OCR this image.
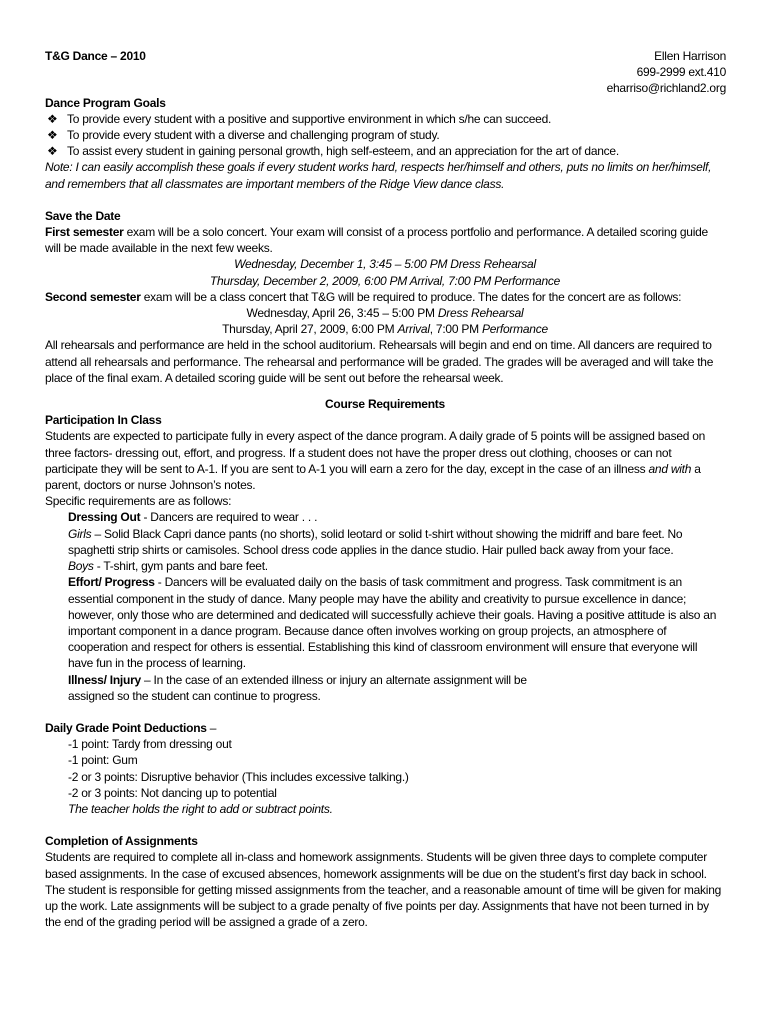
T&G Dance – 2010	Ellen Harrison
699-2999 ext.410
eharriso@richland2.org
Dance Program Goals
❖ To provide every student with a positive and supportive environment in which s/he can succeed.
❖ To provide every student with a diverse and challenging program of study.
❖ To assist every student in gaining personal growth, high self-esteem, and an appreciation for the art of dance.

Note: I can easily accomplish these goals if every student works hard, respects her/himself and others, puts no limits on her/himself, and remembers that all classmates are important members of the Ridge View dance class.

Save the Date

First semester exam will be a solo concert. Your exam will consist of a process portfolio and performance. A detailed scoring guide will be made available in the next few weeks.

Wednesday, December 1, 3:45 – 5:00 PM Dress Rehearsal
Thursday, December 2, 2009, 6:00 PM Arrival, 7:00 PM Performance

Second semester exam will be a class concert that T&G will be required to produce. The dates for the concert are as follows:

Wednesday, April 26, 3:45 – 5:00 PM Dress Rehearsal
Thursday, April 27, 2009, 6:00 PM Arrival, 7:00 PM Performance

All rehearsals and performance are held in the school auditorium. Rehearsals will begin and end on time. All dancers are required to attend all rehearsals and performance. The rehearsal and performance will be graded. The grades will be averaged and will take the place of the final exam. A detailed scoring guide will be sent out before the rehearsal week.

Course Requirements
Participation In Class

Students are expected to participate fully in every aspect of the dance program. A daily grade of 5 points will be assigned based on three factors- dressing out, effort, and progress. If a student does not have the proper dress out clothing, chooses or can not participate they will be sent to A-1. If you are sent to A-1 you will earn a zero for the day, except in the case of an illness and with a parent, doctors or nurse Johnson’s notes.

Specific requirements are as follows:
Dressing Out - Dancers are required to wear . . .

Girls – Solid Black Capri dance pants (no shorts), solid leotard or solid t-shirt without showing the midriff and bare feet. No spaghetti strip shirts or camisoles. School dress code applies in the dance studio. Hair pulled back away from your face.

Boys - T-shirt, gym pants and bare feet.

Effort/ Progress - Dancers will be evaluated daily on the basis of task commitment and progress. Task commitment is an essential component in the study of dance. Many people may have the ability and creativity to pursue excellence in dance; however, only those who are determined and dedicated will successfully achieve their goals. Having a positive attitude is also an important component in a dance program. Because dance often involves working on group projects, an atmosphere of cooperation and respect for others is essential. Establishing this kind of classroom environment will ensure that everyone will have fun in the process of learning.

Illness/ Injury – In the case of an extended illness or injury an alternate assignment will be
assigned so the student can continue to progress.
Daily Grade Point Deductions –
-1 point: Tardy from dressing out
-1 point: Gum
-2 or 3 points: Disruptive behavior (This includes excessive talking.)
-2 or 3 points: Not dancing up to potential
The teacher holds the right to add or subtract points.
Completion of Assignments

Students are required to complete all in-class and homework assignments. Students will be given three days to complete computer based assignments. In the case of excused absences, homework assignments will be due on the student’s first day back in school. The student is responsible for getting missed assignments from the teacher, and a reasonable amount of time will be given for making up the work. Late assignments will be subject to a grade penalty of five points per day. Assignments that have not been turned in by the end of the grading period will be assigned a grade of a zero.
